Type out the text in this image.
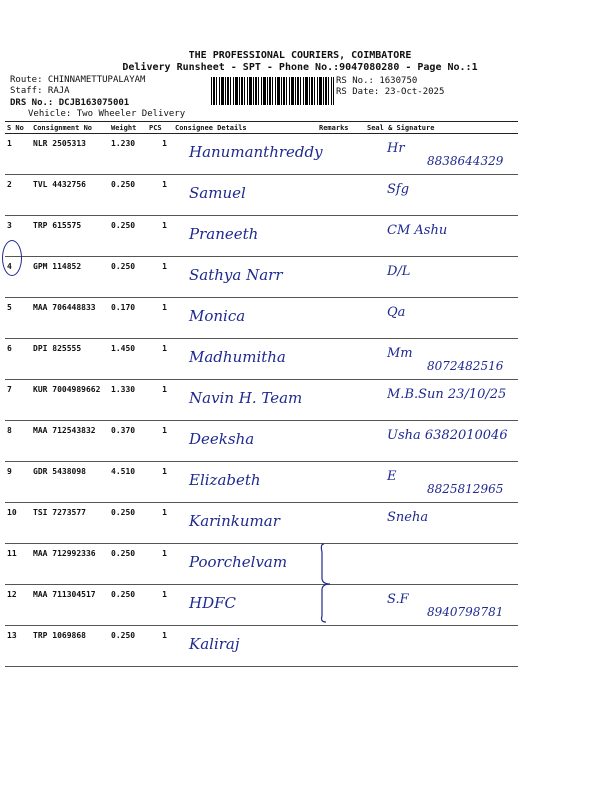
THE PROFESSIONAL COURIERS, COIMBATORE
Delivery Runsheet - SPT - Phone No.:9047080280 - Page No.:1
Route: CHINNAMETTUPALAYAM
Staff: RAJA
DRS No.: DCJB163075001
Vehicle: Two Wheeler Delivery
RS No.: 1630750
RS Date: 23-Oct-2025
S No	Consignment No	Weight	PCS	Consignee Details	Remarks	Seal & Signature
1	NLR 2505313	1.230	1	Hanumanthreddy		Hr
8838644329

2	TVL 4432756	0.250	1	Samuel		Sfg
3	TRP 615575	0.250	1	Praneeth		CM Ashu
4	GPM 114852	0.250	1	Sathya Narr		D/L
5	MAA 706448833	0.170	1	Monica		Qa
6	DPI 825555	1.450	1	Madhumitha		Mm
8072482516

7	KUR 7004989662	1.330	1	Navin H. Team		M.B.Sun 23/10/25
8	MAA 712543832	0.370	1	Deeksha		Usha 6382010046
9	GDR 5438098	4.510	1	Elizabeth		E
8825812965

10	TSI 7273577	0.250	1	Karinkumar		Sneha
11	MAA 712992336	0.250	1	Poorchelvam		
12	MAA 711304517	0.250	1	HDFC		S.F
8940798781

13	TRP 1069868	0.250	1	Kaliraj		
